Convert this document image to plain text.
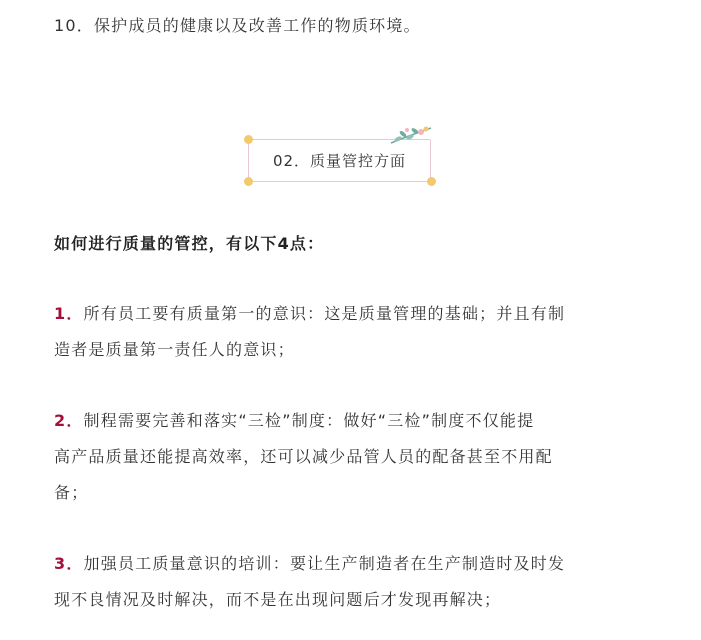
10．保护成员的健康以及改善工作的物质环境。
02．质量管控方面
如何进行质量的管控，有以下4点：
1．所有员工要有质量第一的意识：这是质量管理的基础；并且有制
造者是质量第一责任人的意识；
2．制程需要完善和落实“三检”制度：做好“三检”制度不仅能提
高产品质量还能提高效率，还可以减少品管人员的配备甚至不用配
备；
3．加强员工质量意识的培训：要让生产制造者在生产制造时及时发
现不良情况及时解决，而不是在出现问题后才发现再解决；
